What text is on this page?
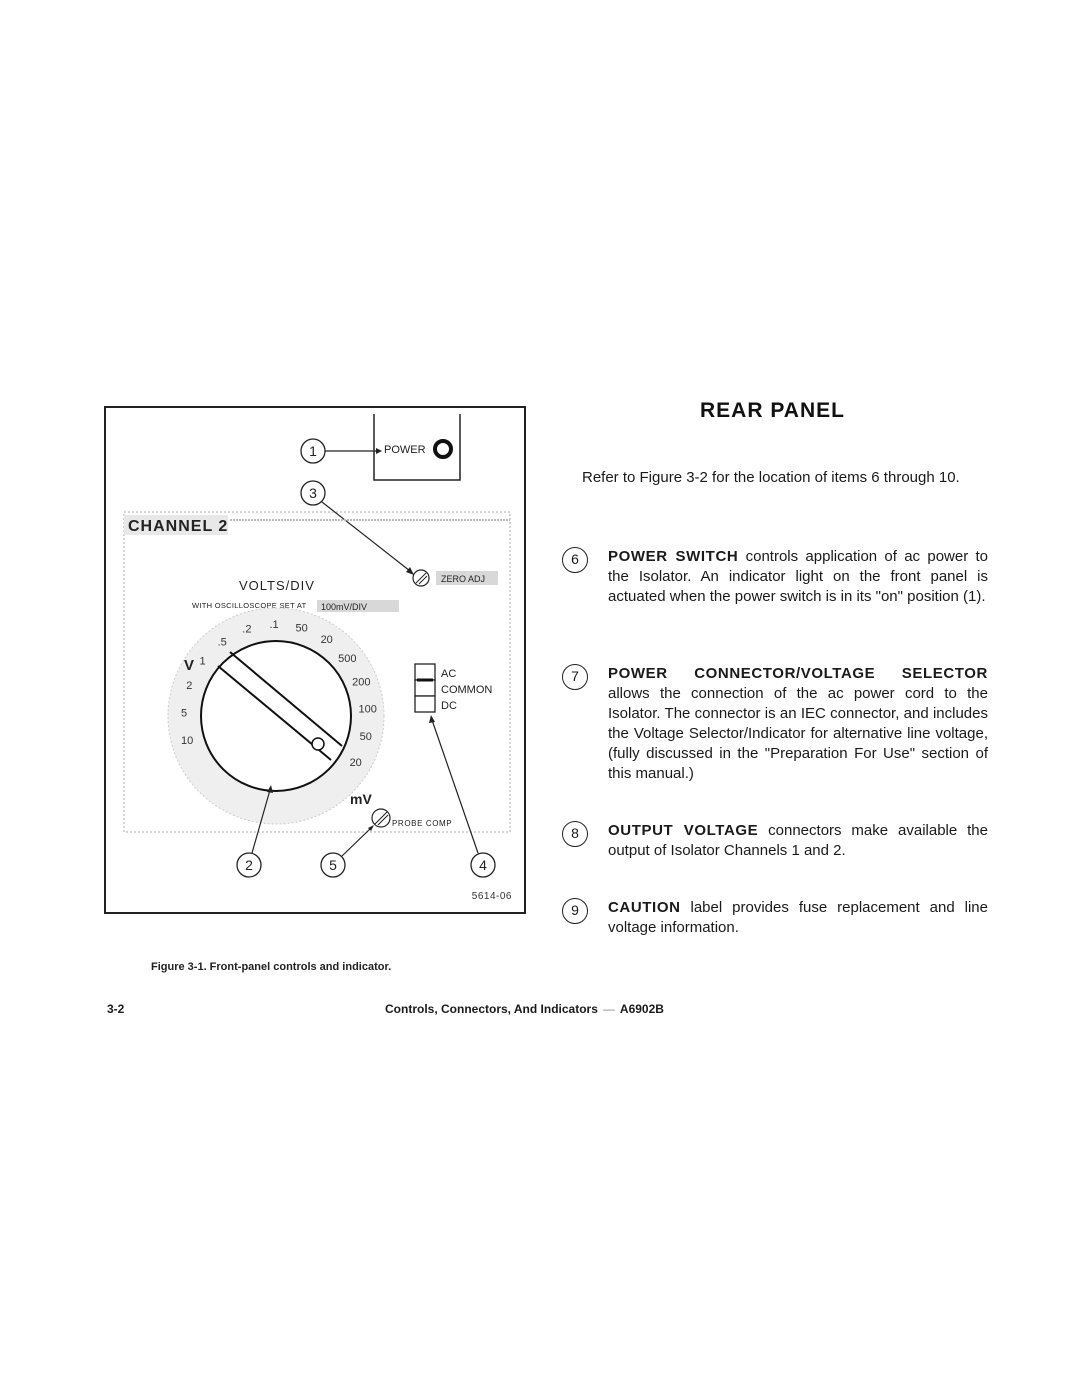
POWER
1
3
CHANNEL 2
ZERO ADJ
VOLTS/DIV
WITH OSCILLOSCOPE SET AT 100mV/DIV
10
5
2
1
.5
.2 .1 50
20
500
200
100
50
20
V
mV
AC
COMMON
DC
PROBE COMP
2	5	4
5614-06
Figure 3-1. Front-panel controls and indicator.
REAR PANEL
Refer to Figure 3-2 for the location of items 6 through 10.
6	POWER SWITCH controls application of ac power to the Isolator. An indicator light on the front panel is actuated when the power switch is in its "on" position (1).
7	POWER CONNECTOR/VOLTAGE SELECTOR allows the connection of the ac power cord to the Isolator. The connector is an IEC connector, and includes the Voltage Selector/Indicator for alternative line voltage, (fully discussed in the "Preparation For Use" section of this manual.)
8	OUTPUT VOLTAGE connectors make available the output of Isolator Channels 1 and 2.
9	CAUTION label provides fuse replacement and line voltage information.
3-2	Controls, Connectors, And Indicators — A6902B
